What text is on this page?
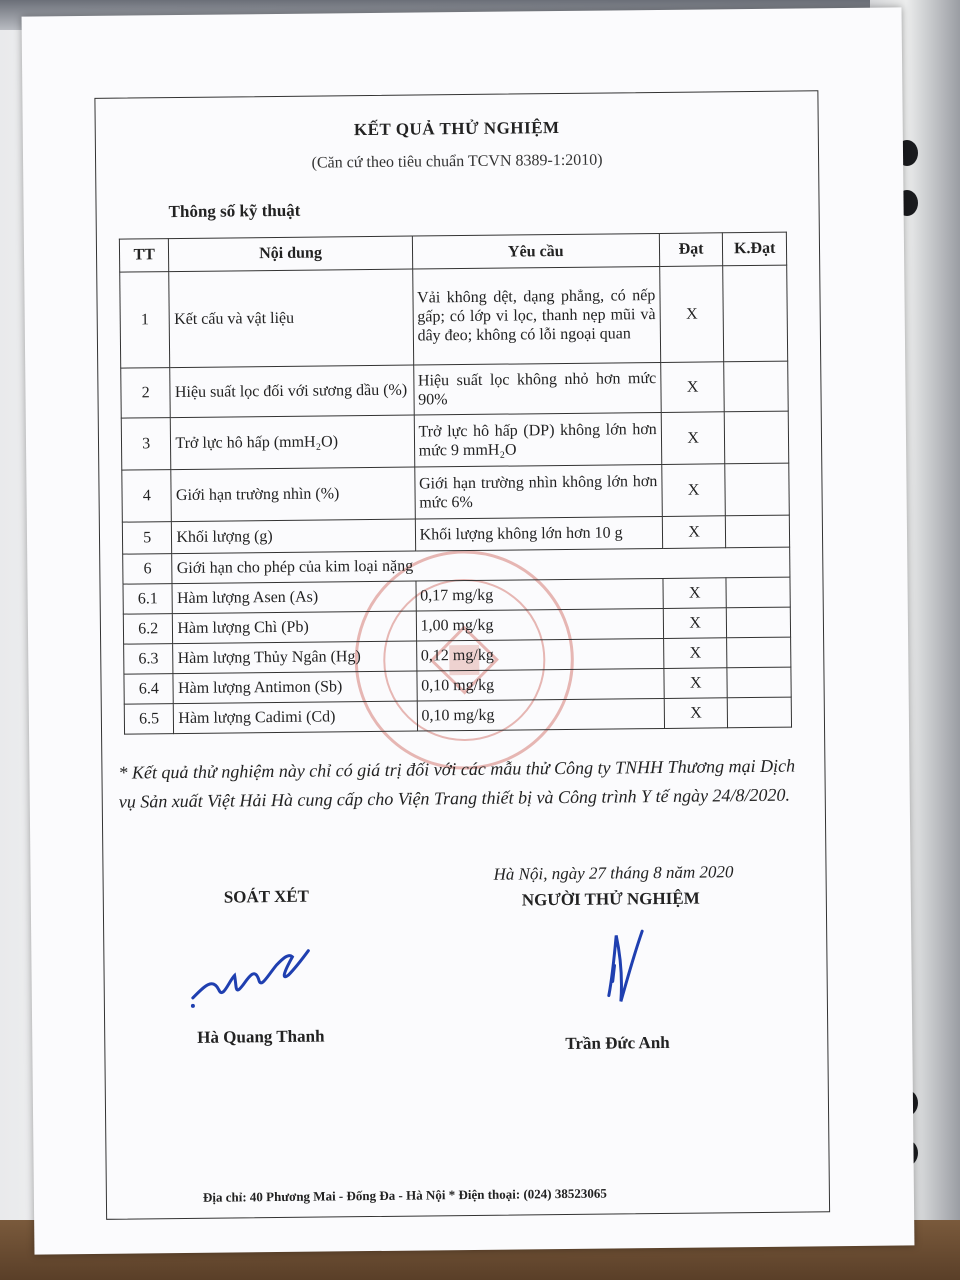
KẾT QUẢ THỬ NGHIỆM
(Căn cứ theo tiêu chuẩn TCVN 8389-1:2010)
Thông số kỹ thuật
TT	Nội dung	Yêu cầu	Đạt	K.Đạt
1	Kết cấu và vật liệu	Vải không dệt, dạng phẳng, có nếp gấp; có lớp vi lọc, thanh nẹp mũi và dây đeo; không có lỗi ngoại quan	X	
2	Hiệu suất lọc đối với sương dầu (%)	Hiệu suất lọc không nhỏ hơn mức 90%	X	
3	Trở lực hô hấp (mmH₂O)	Trở lực hô hấp (DP) không lớn hơn mức 9 mmH₂O	X	
4	Giới hạn trường nhìn (%)	Giới hạn trường nhìn không lớn hơn mức 6%	X	
5	Khối lượng (g)	Khối lượng không lớn hơn 10 g	X	
6	Giới hạn cho phép của kim loại nặng			
6.1	Hàm lượng Asen (As)	0,17 mg/kg	X	
6.2	Hàm lượng Chì (Pb)	1,00 mg/kg	X	
6.3	Hàm lượng Thủy Ngân (Hg)	0,12 mg/kg	X	
6.4	Hàm lượng Antimon (Sb)	0,10 mg/kg	X	
6.5	Hàm lượng Cadimi (Cd)	0,10 mg/kg	X	
* Kết quả thử nghiệm này chỉ có giá trị đối với các mẫu thử Công ty TNHH Thương mại Dịch vụ Sản xuất Việt Hải Hà cung cấp cho Viện Trang thiết bị và Công trình Y tế ngày 24/8/2020.
Hà Nội, ngày 27 tháng 8 năm 2020
SOÁT XÉT	NGƯỜI THỬ NGHIỆM
Hà Quang Thanh	Trần Đức Anh
Địa chỉ: 40 Phương Mai - Đống Đa - Hà Nội * Điện thoại: (024) 38523065
